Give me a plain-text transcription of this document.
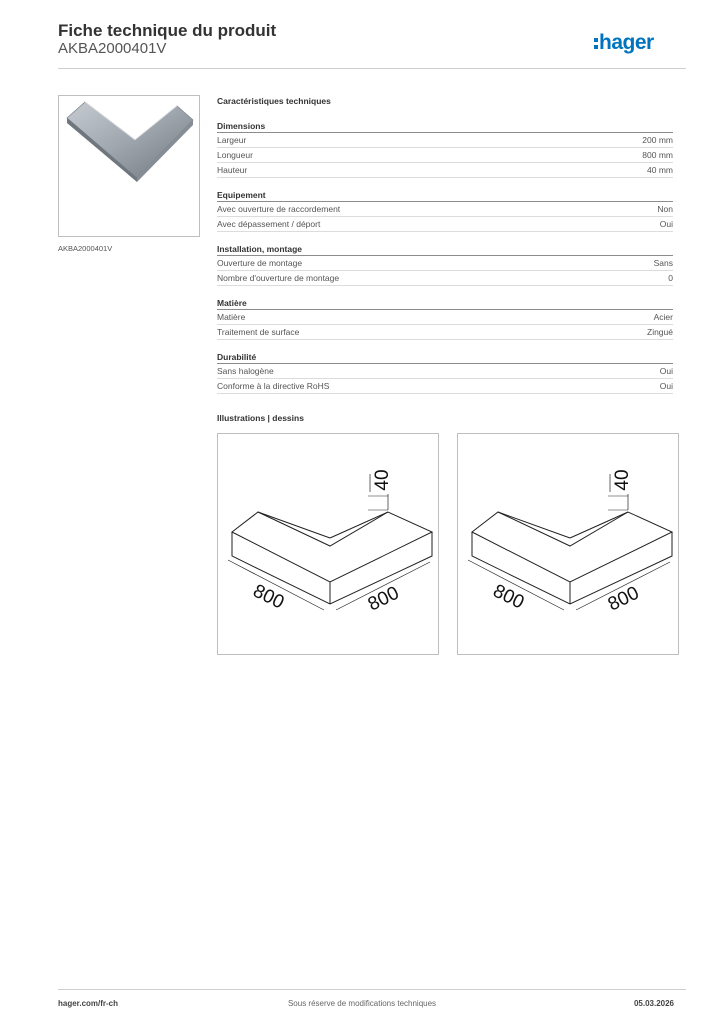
Fiche technique du produit
AKBA2000401V	hager
AKBA2000401V
Caractéristiques techniques
Dimensions
Largeur	200 mm
Longueur	800 mm
Hauteur	40 mm
Equipement
Avec ouverture de raccordement	Non
Avec dépassement / déport	Oui
Installation, montage
Ouverture de montage	Sans
Nombre d'ouverture de montage	0
Matière
Matière	Acier
Traitement de surface	Zingué
Durabilité
Sans halogène	Oui
Conforme à la directive RoHS	Oui
Illustrations | dessins
40
800	800
40
800	800
Sous réserve de modifications techniques
hager.com/fr-ch	05.03.2026
